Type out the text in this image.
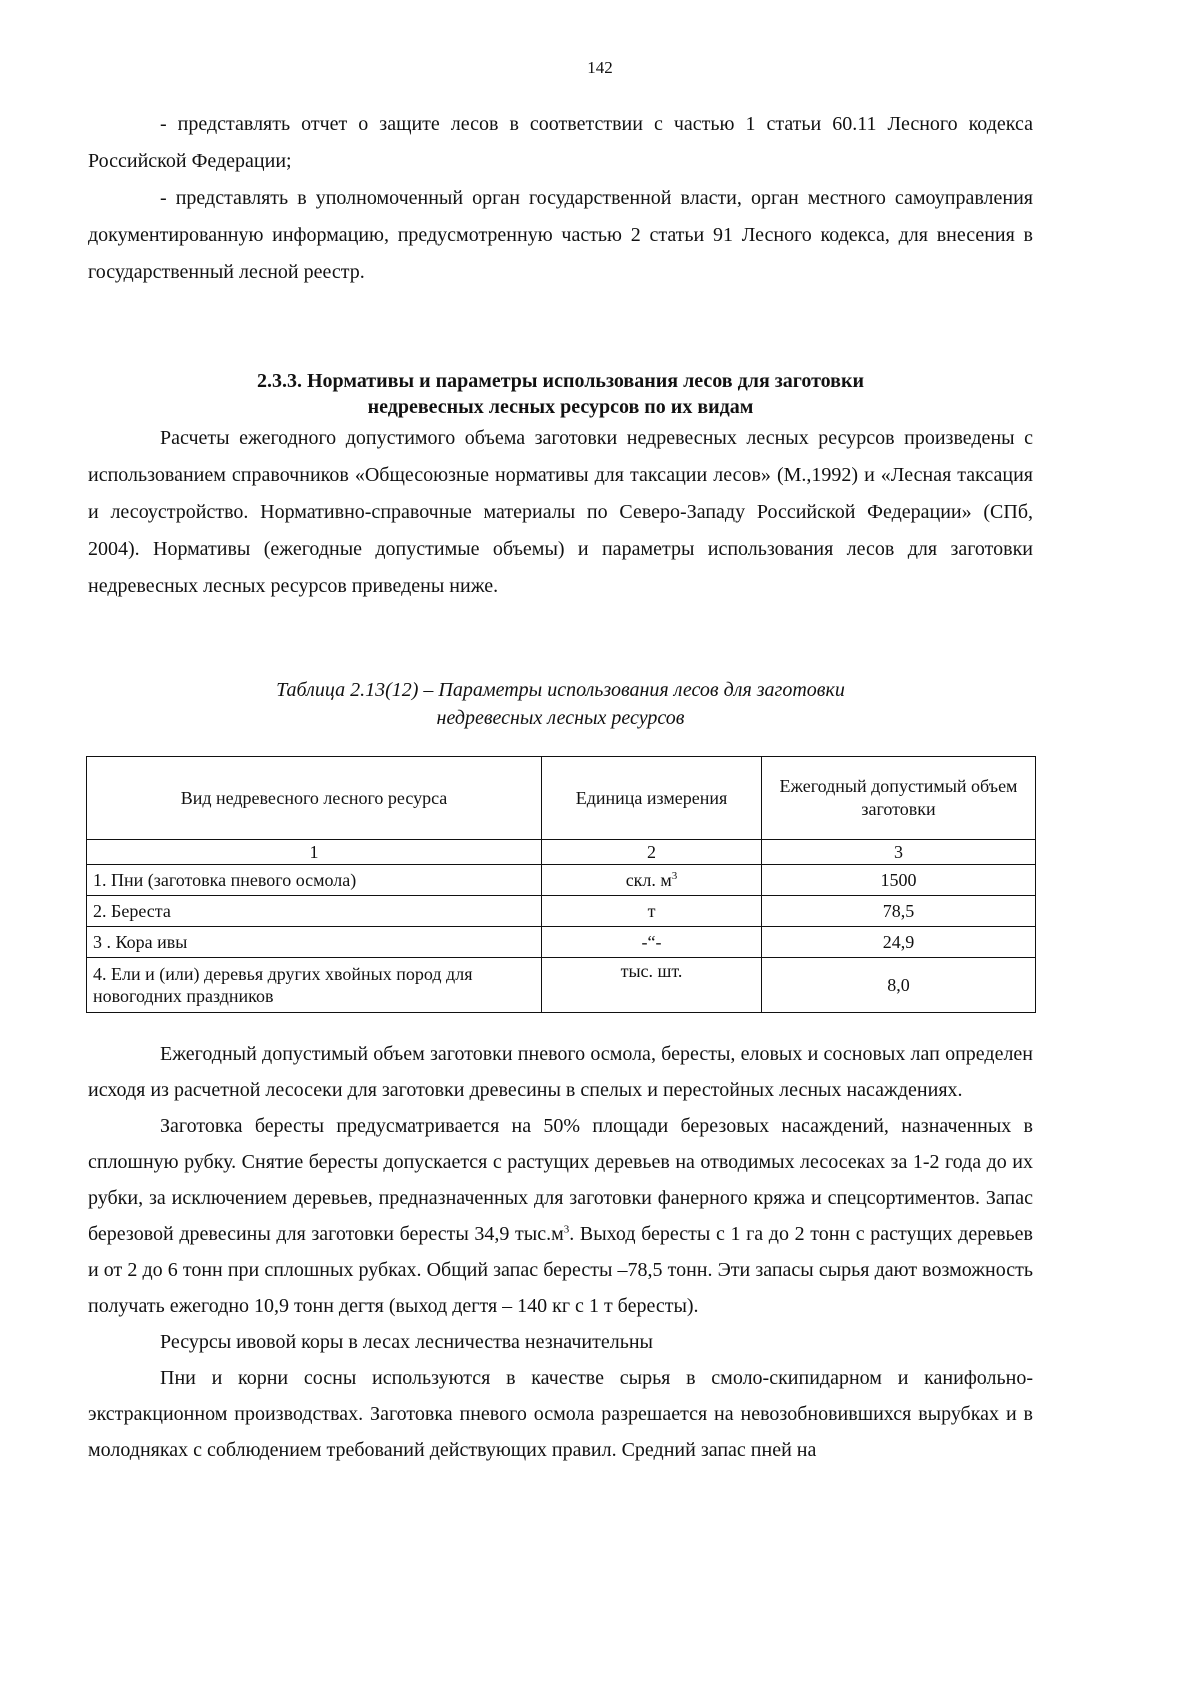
142

- представлять отчет о защите лесов в соответствии с частью 1 статьи 60.11 Лесного кодекса Российской Федерации;

- представлять в уполномоченный орган государственной власти, орган местного самоуправления документированную информацию, предусмотренную частью 2 статьи 91 Лесного кодекса, для внесения в государственный лесной реестр.

2.3.3. Нормативы и параметры использования лесов для заготовки
недревесных лесных ресурсов по их видам

Расчеты ежегодного допустимого объема заготовки недревесных лесных ресурсов произведены с использованием справочников «Общесоюзные нормативы для таксации лесов» (М.,1992) и «Лесная таксация и лесоустройство. Нормативно-справочные материалы по Северо-Западу Российской Федерации» (СПб, 2004). Нормативы (ежегодные допустимые объемы) и параметры использования лесов для заготовки недревесных лесных ресурсов приведены ниже.

Таблица 2.13(12) – Параметры использования лесов для заготовки
недревесных лесных ресурсов

Вид недревесного лесного ресурса	Единица измерения	Ежегодный допустимый объем заготовки
1	2	3
1. Пни (заготовка пневого осмола)	скл. $м^3$	1500
2. Береста	т	78,5
3 . Кора ивы	-“-	24,9
4. Ели и (или) деревья других хвойных пород для новогодних праздников	тыс. шт.	8,0

Ежегодный допустимый объем заготовки пневого осмола, бересты, еловых и сосновых лап определен исходя из расчетной лесосеки для заготовки древесины в спелых и перестойных лесных насаждениях.

Заготовка бересты предусматривается на 50% площади березовых насаждений, назначенных в сплошную рубку. Снятие бересты допускается с растущих деревьев на отводимых лесосеках за 1-2 года до их рубки, за исключением деревьев, предназначенных для заготовки фанерного кряжа и спецсортиментов. Запас березовой древесины для заготовки бересты 34,9 $тыс.м^3$. Выход бересты с 1 га до 2 тонн с растущих деревьев и от 2 до 6 тонн при сплошных рубках. Общий запас бересты –78,5 тонн. Эти запасы сырья дают возможность получать ежегодно 10,9 тонн дегтя (выход дегтя – 140 кг с 1 т бересты).

Ресурсы ивовой коры в лесах лесничества незначительны

Пни и корни сосны используются в качестве сырья в смоло-скипидарном и канифольно-экстракционном производствах. Заготовка пневого осмола разрешается на невозобновившихся вырубках и в молодняках с соблюдением требований действующих правил. Средний запас пней на
